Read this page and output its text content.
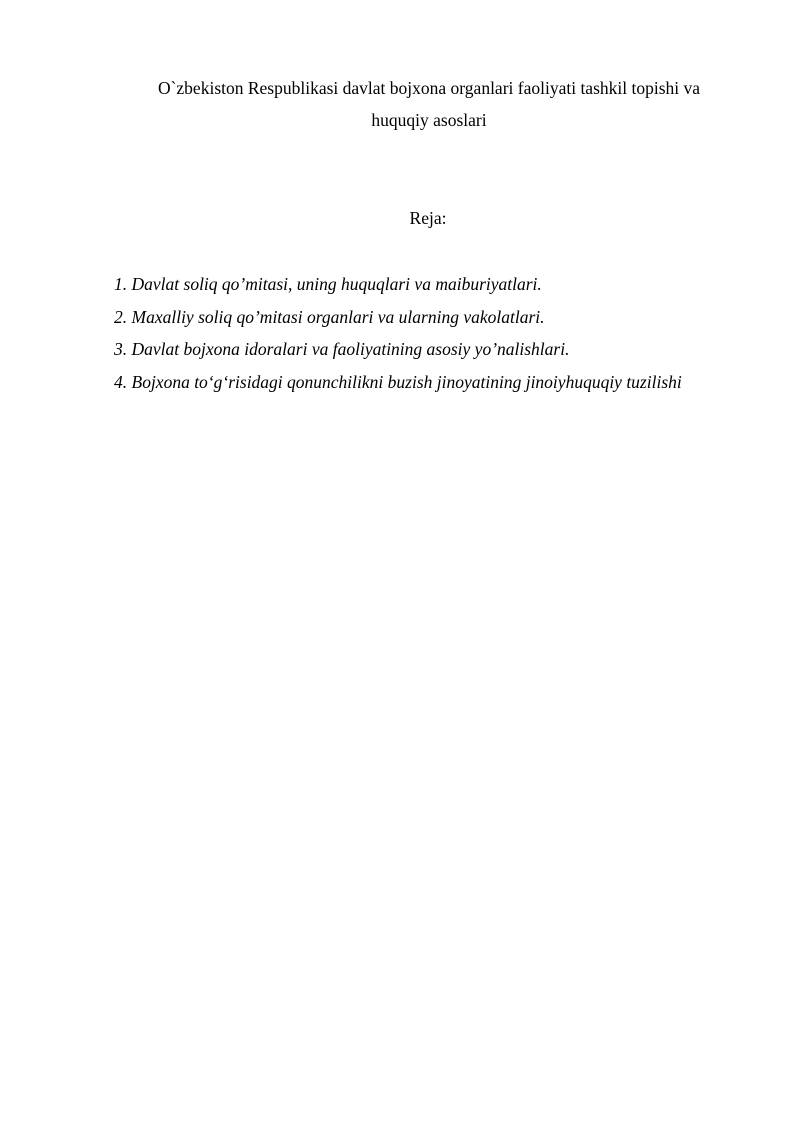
O`zbekiston Respublikasi davlat bojxona organlari faoliyati tashkil topishi va
huquqiy asoslari

Reja:

1. Davlat soliq qo’mitasi, uning huquqlari va maiburiyatlari.
2. Maxalliy soliq qo’mitasi organlari va ularning vakolatlari.
3. Davlat bojxona idoralari va faoliyatining asosiy yo’nalishlari.
4. Bojxona to‘g‘risidagi qonunchilikni buzish jinoyatining jinoiyhuquqiy tuzilishi
